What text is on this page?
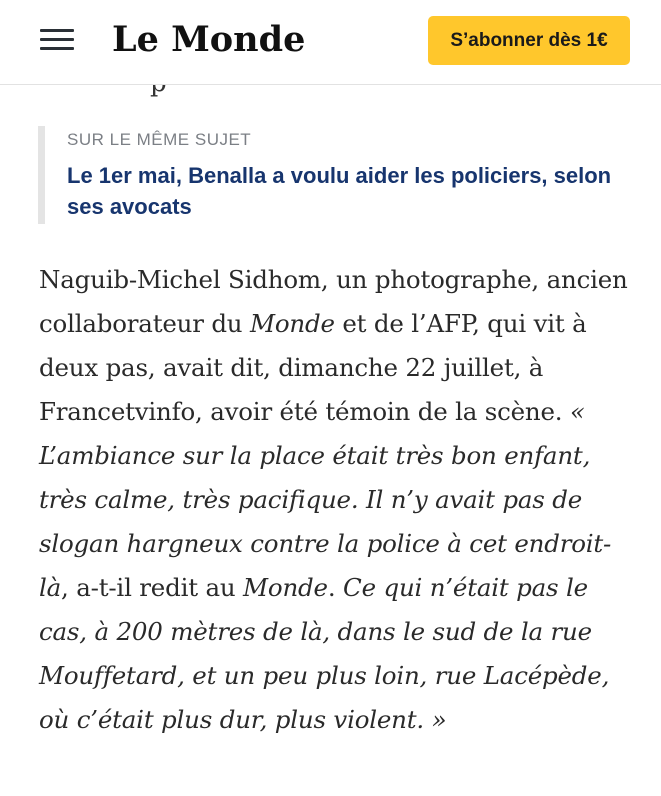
Le Monde	S’abonner dès 1€
SUR LE MÊME SUJET
Le 1er mai, Benalla a voulu aider les policiers, selon ses avocats

Naguib-Michel Sidhom, un photographe, ancien collaborateur du Monde et de l’AFP, qui vit à deux pas, avait dit, dimanche 22 juillet, à Francetvinfo, avoir été témoin de la scène. « L’ambiance sur la place était très bon enfant, très calme, très pacifique. Il n’y avait pas de slogan hargneux contre la police à cet endroit-là, a-t-il redit au Monde. Ce qui n’était pas le cas, à 200 mètres de là, dans le sud de la rue Mouffetard, et un peu plus loin, rue Lacépède, où c’était plus dur, plus violent. »
